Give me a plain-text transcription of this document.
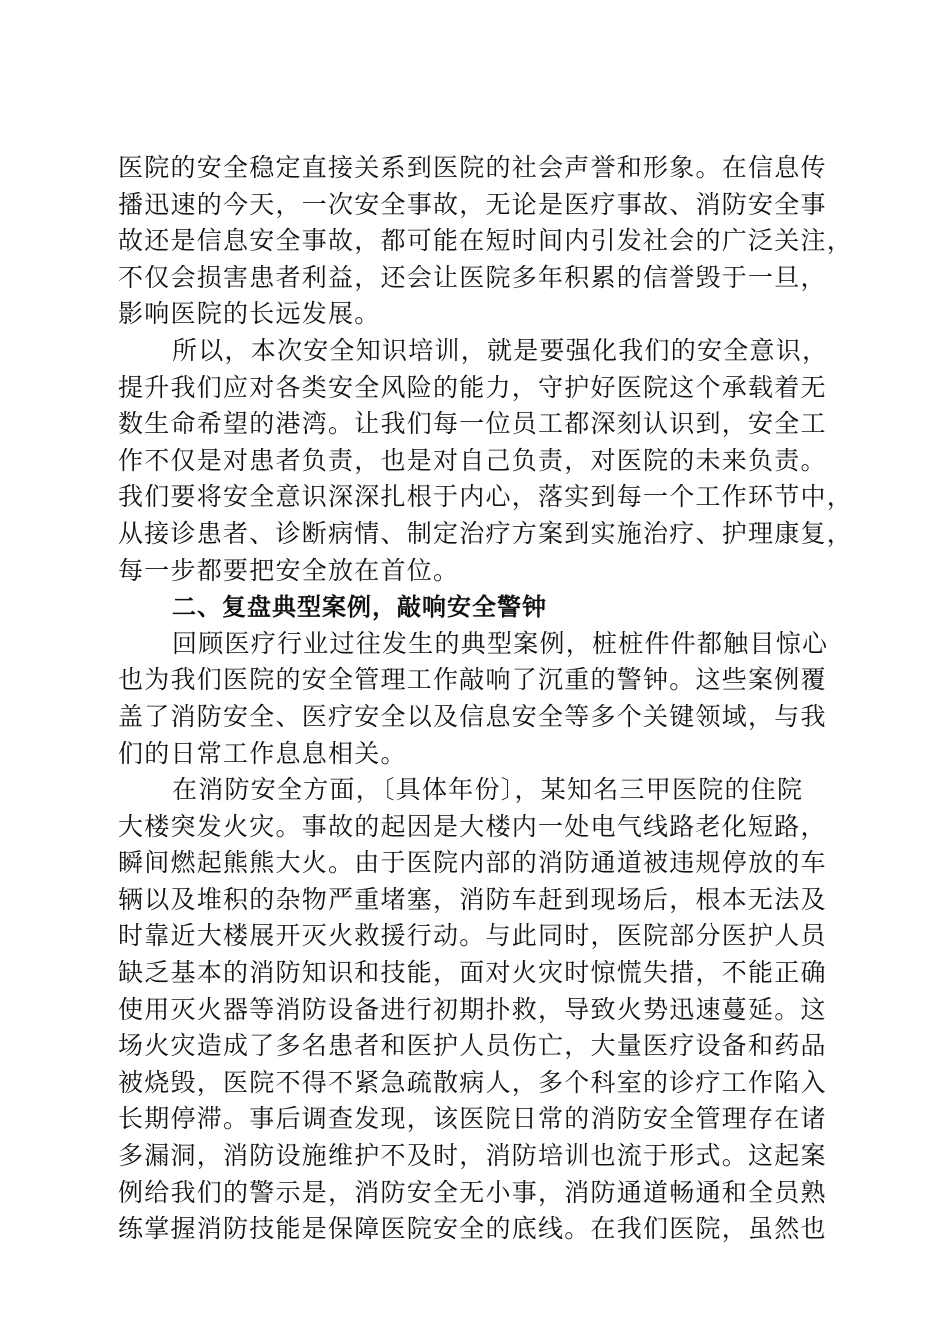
医院的安全稳定直接关系到医院的社会声誉和形象。在信息传
播迅速的今天，一次安全事故，无论是医疗事故、消防安全事
故还是信息安全事故，都可能在短时间内引发社会的广泛关注，
不仅会损害患者利益，还会让医院多年积累的信誉毁于一旦，
影响医院的长远发展。
所以，本次安全知识培训，就是要强化我们的安全意识，
提升我们应对各类安全风险的能力，守护好医院这个承载着无
数生命希望的港湾。让我们每一位员工都深刻认识到，安全工
作不仅是对患者负责，也是对自己负责，对医院的未来负责。
我们要将安全意识深深扎根于内心，落实到每一个工作环节中，
从接诊患者、诊断病情、制定治疗方案到实施治疗、护理康复，
每一步都要把安全放在首位。
二、复盘典型案例，敲响安全警钟
回顾医疗行业过往发生的典型案例，桩桩件件都触目惊心
也为我们医院的安全管理工作敲响了沉重的警钟。这些案例覆
盖了消防安全、医疗安全以及信息安全等多个关键领域，与我
们的日常工作息息相关。
在消防安全方面，〔具体年份〕，某知名三甲医院的住院
大楼突发火灾。事故的起因是大楼内一处电气线路老化短路，
瞬间燃起熊熊大火。由于医院内部的消防通道被违规停放的车
辆以及堆积的杂物严重堵塞，消防车赶到现场后，根本无法及
时靠近大楼展开灭火救援行动。与此同时，医院部分医护人员
缺乏基本的消防知识和技能，面对火灾时惊慌失措，不能正确
使用灭火器等消防设备进行初期扑救，导致火势迅速蔓延。这
场火灾造成了多名患者和医护人员伤亡，大量医疗设备和药品
被烧毁，医院不得不紧急疏散病人，多个科室的诊疗工作陷入
长期停滞。事后调查发现，该医院日常的消防安全管理存在诸
多漏洞，消防设施维护不及时，消防培训也流于形式。这起案
例给我们的警示是，消防安全无小事，消防通道畅通和全员熟
练掌握消防技能是保障医院安全的底线。在我们医院，虽然也
